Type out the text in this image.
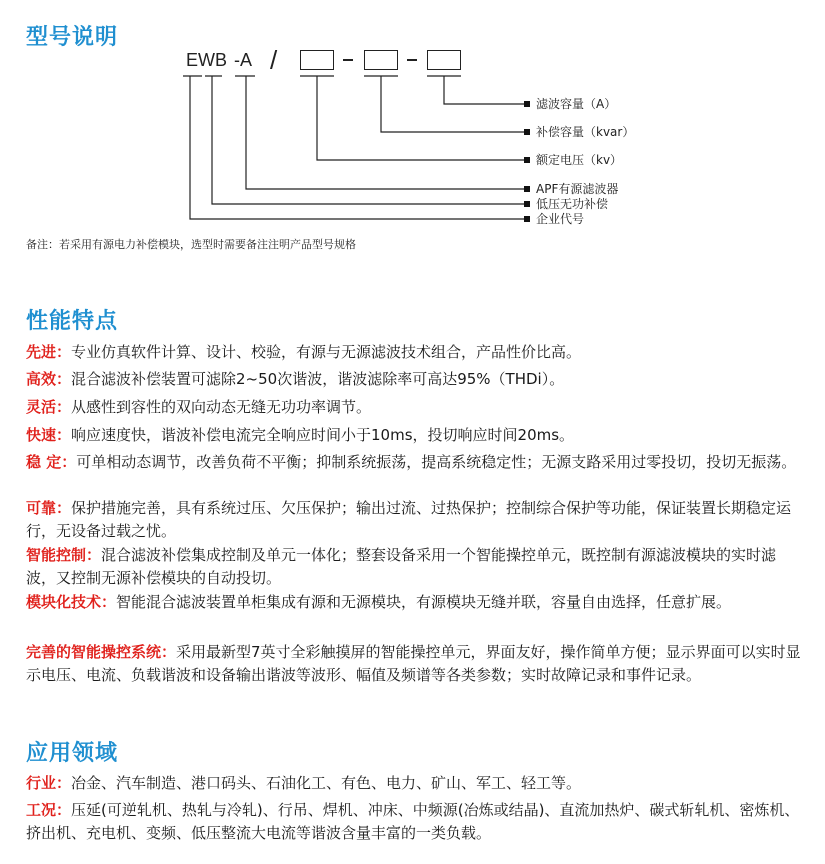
型号说明
EWB -A /
滤波容量（A）
补偿容量（kvar）
额定电压（kv）
APF有源滤波器
低压无功补偿
企业代号
备注：若采用有源电力补偿模块，选型时需要备注注明产品型号规格
性能特点

先进：专业仿真软件计算、设计、校验，有源与无源滤波技术组合，产品性价比高。

高效：混合滤波补偿装置可滤除2~50次谐波，谐波滤除率可高达95%（THDi）。

灵活：从感性到容性的双向动态无缝无功功率调节。

快速：响应速度快，谐波补偿电流完全响应时间小于10ms，投切响应时间20ms。

稳 定：可单相动态调节，改善负荷不平衡；抑制系统振荡，提高系统稳定性；无源支路采用过零投切，投切无振荡。

可靠：保护措施完善，具有系统过压、欠压保护；输出过流、过热保护；控制综合保护等功能，保证装置长期稳定运行，无设备过载之忧。

智能控制：混合滤波补偿集成控制及单元一体化；整套设备采用一个智能操控单元，既控制有源滤波模块的实时滤波，又控制无源补偿模块的自动投切。

模块化技术：智能混合滤波装置单柜集成有源和无源模块，有源模块无缝并联，容量自由选择，任意扩展。

完善的智能操控系统：采用最新型7英寸全彩触摸屏的智能操控单元，界面友好，操作简单方便；显示界面可以实时显示电压、电流、负载谐波和设备输出谐波等波形、幅值及频谱等各类参数；实时故障记录和事件记录。

应用领域

行业：冶金、汽车制造、港口码头、石油化工、有色、电力、矿山、军工、轻工等。

工况：压延(可逆轧机、热轧与冷轧)、行吊、焊机、冲床、中频源(冶炼或结晶)、直流加热炉、碳式斩轧机、密炼机、挤出机、充电机、变频、低压整流大电流等谐波含量丰富的一类负载。
